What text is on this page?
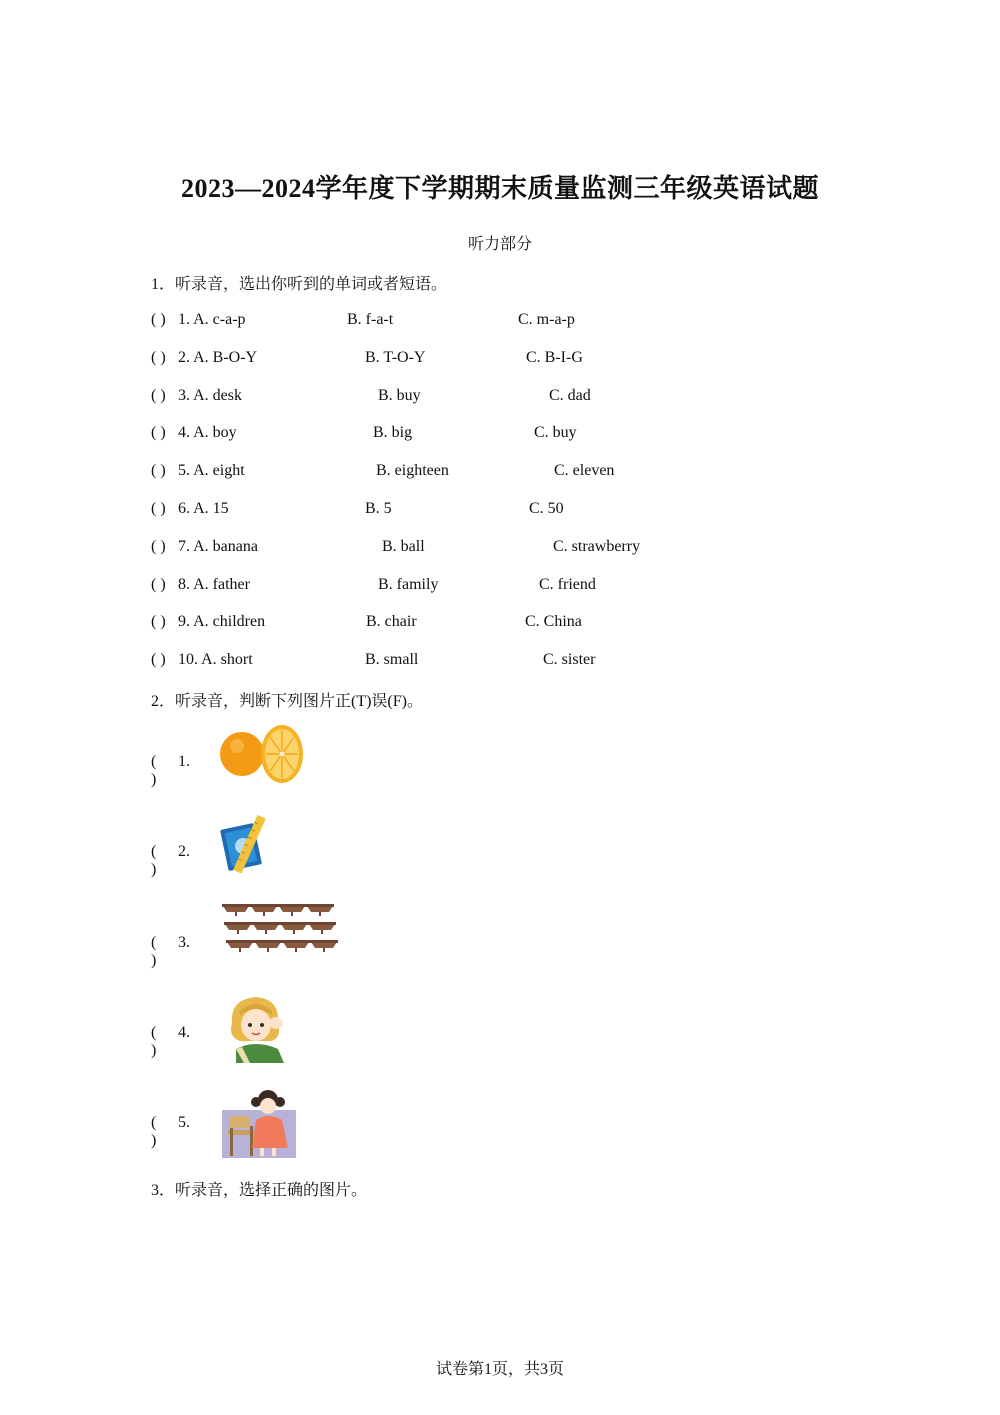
2023—2024学年度下学期期末质量监测三年级英语试题
听力部分
1．听录音，选出你听到的单词或者短语。
( ) 1. A. c-a-p	B. f-a-t	C. m-a-p
( ) 2. A. B-O-Y	B. T-O-Y	C. B-I-G
( ) 3. A. desk	B. buy	C. dad
( ) 4. A. boy	B. big	C. buy
( ) 5. A. eight	B. eighteen	C. eleven
( ) 6. A. 15	B. 5	C. 50
( ) 7. A. banana	B. ball	C. strawberry
( ) 8. A. father	B. family	C. friend
( ) 9. A. children	B. chair	C. China
( ) 10. A. short	B. small	C. sister
2．听录音，判断下列图片正(T)误(F)。
( )
1.
( )
2.
( )
3.
( )
4.
( )
5.
3．听录音，选择正确的图片。
试卷第1页，共3页
